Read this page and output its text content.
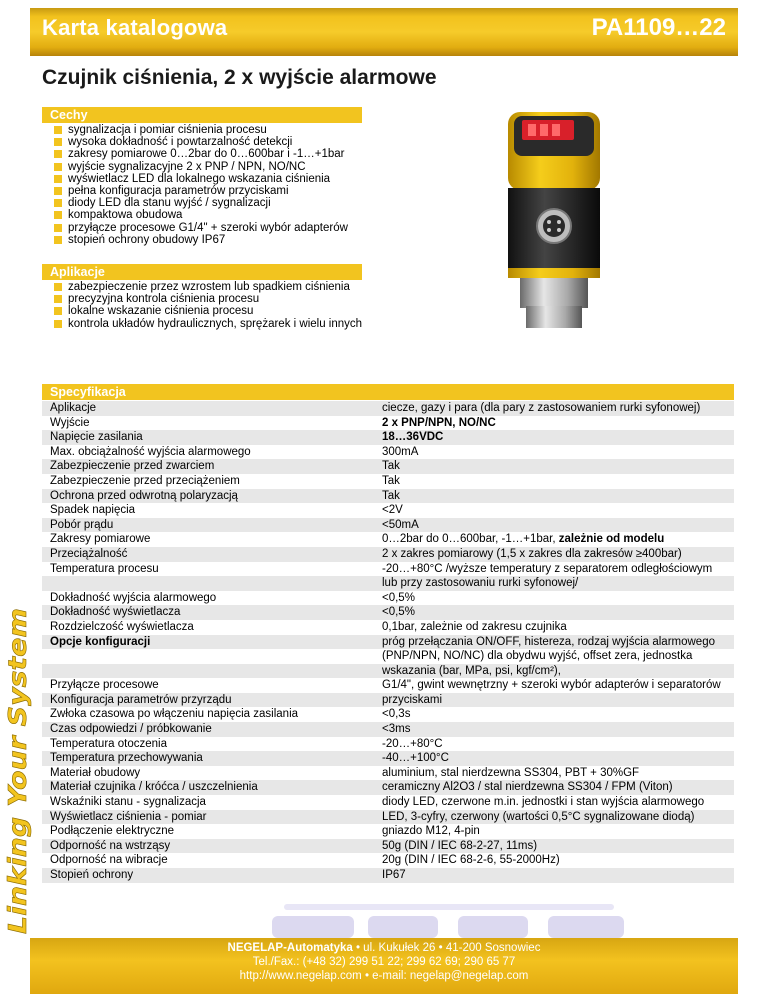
Karta katalogowa	PA1109…22
Czujnik ciśnienia, 2 x wyjście alarmowe
Cechy
sygnalizacja i pomiar ciśnienia procesu
wysoka dokładność i powtarzalność detekcji
zakresy pomiarowe 0…2bar do 0…600bar i -1…+1bar
wyjście sygnalizacyjne 2 x PNP / NPN, NO/NC
wyświetlacz LED dla lokalnego wskazania ciśnienia
pełna konfiguracja parametrów przyciskami
diody LED dla stanu wyjść / sygnalizacji
kompaktowa obudowa
przyłącze procesowe G1/4" + szeroki wybór adapterów
stopień ochrony obudowy IP67
Aplikacje
zabezpieczenie przez wzrostem lub spadkiem ciśnienia
precyzyjna kontrola ciśnienia procesu
lokalne wskazanie ciśnienia procesu
kontrola układów hydraulicznych, sprężarek i wielu innych
Specyfikacja
Aplikacje	ciecze, gazy i para (dla pary z zastosowaniem rurki syfonowej)
Wyjście	2 x PNP/NPN, NO/NC
Napięcie zasilania	18…36VDC
Max. obciążalność wyjścia alarmowego	300mA
Zabezpieczenie przed zwarciem	Tak
Zabezpieczenie przed przeciążeniem	Tak
Ochrona przed odwrotną polaryzacją	Tak
Spadek napięcia	<2V
Pobór prądu	<50mA
Zakresy pomiarowe	0…2bar do 0…600bar, -1…+1bar, zależnie od modelu
Przeciążalność	2 x zakres pomiarowy (1,5 x zakres dla zakresów ≥400bar)
Temperatura procesu	-20…+80°C /wyższe temperatury z separatorem odległościowym
	lub przy zastosowaniu rurki syfonowej/
Dokładność wyjścia alarmowego	<0,5%
Dokładność wyświetlacza	<0,5%
Rozdzielczość wyświetlacza	0,1bar, zależnie od zakresu czujnika
Opcje konfiguracji	próg przełączania ON/OFF, histereza, rodzaj wyjścia alarmowego
	(PNP/NPN, NO/NC) dla obydwu wyjść, offset zera, jednostka
	wskazania (bar, MPa, psi, kgf/cm²),
Przyłącze procesowe	G1/4", gwint wewnętrzny + szeroki wybór adapterów i separatorów
Konfiguracja parametrów przyrządu	przyciskami
Zwłoka czasowa po włączeniu napięcia zasilania	<0,3s
Czas odpowiedzi / próbkowanie	<3ms
Temperatura otoczenia	-20…+80°C
Temperatura przechowywania	-40…+100°C
Materiał obudowy	aluminium, stal nierdzewna SS304, PBT + 30%GF
Materiał czujnika / króćca / uszczelnienia	ceramiczny Al2O3 / stal nierdzewna SS304 / FPM (Viton)
Wskaźniki stanu - sygnalizacja	diody LED, czerwone m.in. jednostki i stan wyjścia alarmowego
Wyświetlacz ciśnienia - pomiar	LED, 3-cyfry, czerwony (wartości 0,5°C sygnalizowane diodą)
Podłączenie elektryczne	gniazdo M12, 4-pin
Odporność na wstrząsy	50g (DIN / IEC 68-2-27, 11ms)
Odporność na wibracje	20g (DIN / IEC 68-2-6, 55-2000Hz)
Stopień ochrony	IP67
Linking Your System
NEGELAP-Automatyka • ul. Kukułek 26 • 41-200 Sosnowiec
Tel./Fax.: (+48 32) 299 51 22; 299 62 69; 290 65 77
http://www.negelap.com • e-mail: negelap@negelap.com
